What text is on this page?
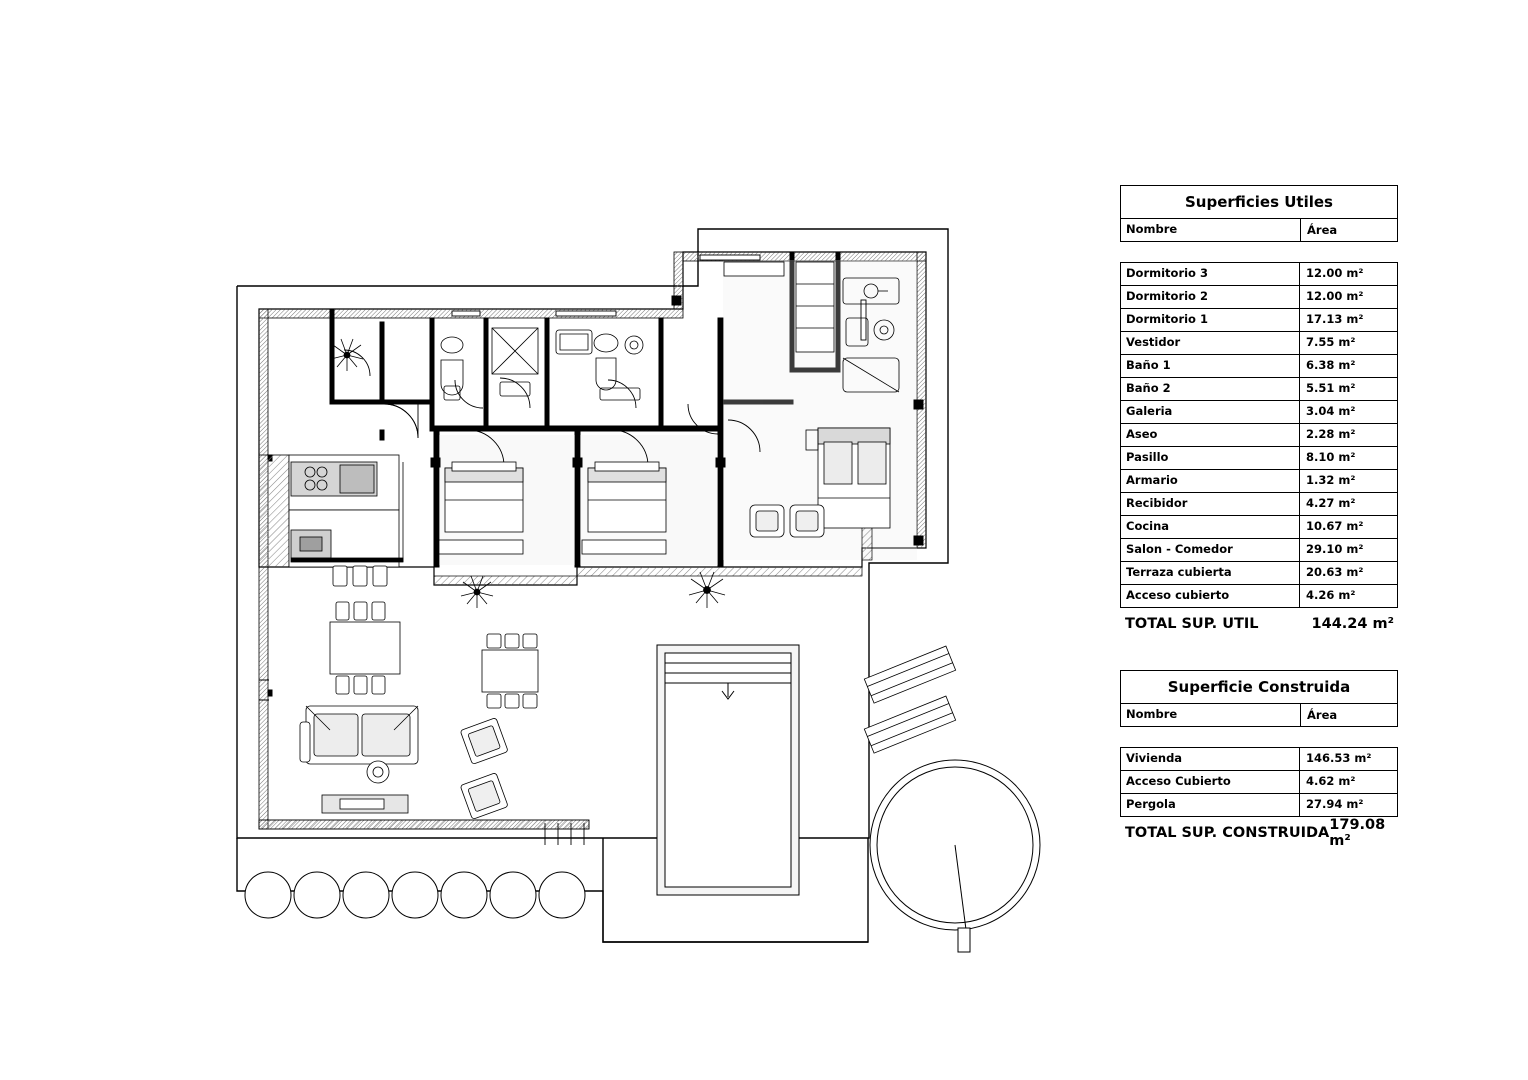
Superficies Utiles
Nombre	Área
Dormitorio 3	12.00 m²
Dormitorio 2	12.00 m²
Dormitorio 1	17.13 m²
Vestidor	7.55 m²
Baño 1	6.38 m²
Baño 2	5.51 m²
Galeria	3.04 m²
Aseo	2.28 m²
Pasillo	8.10 m²
Armario	1.32 m²
Recibidor	4.27 m²
Cocina	10.67 m²
Salon - Comedor	29.10 m²
Terraza cubierta	20.63 m²
Acceso cubierto	4.26 m²
TOTAL SUP. UTIL	144.24 m²
Superficie Construida
Nombre	Área
Vivienda	146.53 m²
Acceso Cubierto	4.62 m²
Pergola	27.94 m²
TOTAL SUP. CONSTRUIDA 179.08 m²
